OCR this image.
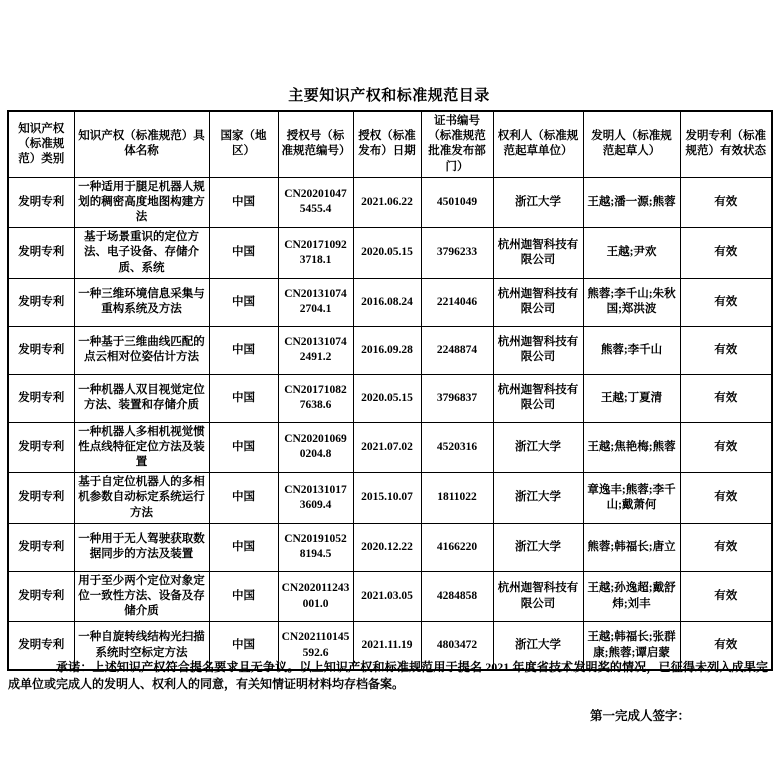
主要知识产权和标准规范目录
知识产权（标准规范）类别	知识产权（标准规范）具体名称	国家（地区）	授权号（标准规范编号）	授权（标准发布）日期	证书编号（标准规范批准发布部门）	权利人（标准规范起草单位）	发明人（标准规范起草人）	发明专利（标准规范）有效状态
发明专利	一种适用于腿足机器人规划的稠密高度地图构建方法	中国	CN202010475455.4	2021.06.22	4501049	浙江大学	王越;潘一源;熊蓉	有效
发明专利	基于场景重识的定位方法、电子设备、存储介质、系统	中国	CN201710923718.1	2020.05.15	3796233	杭州迦智科技有限公司	王越;尹欢	有效
发明专利	一种三维环境信息采集与重构系统及方法	中国	CN201310742704.1	2016.08.24	2214046	杭州迦智科技有限公司	熊蓉;李千山;朱秋国;郑洪波	有效
发明专利	一种基于三维曲线匹配的点云相对位姿估计方法	中国	CN201310742491.2	2016.09.28	2248874	杭州迦智科技有限公司	熊蓉;李千山	有效
发明专利	一种机器人双目视觉定位方法、装置和存储介质	中国	CN201710827638.6	2020.05.15	3796837	杭州迦智科技有限公司	王越;丁夏清	有效
发明专利	一种机器人多相机视觉惯性点线特征定位方法及装置	中国	CN202010690204.8	2021.07.02	4520316	浙江大学	王越;焦艳梅;熊蓉	有效
发明专利	基于自定位机器人的多相机参数自动标定系统运行方法	中国	CN201310173609.4	2015.10.07	1811022	浙江大学	章逸丰;熊蓉;李千山;戴萧何	有效
发明专利	一种用于无人驾驶获取数据同步的方法及装置	中国	CN201910528194.5	2020.12.22	4166220	浙江大学	熊蓉;韩福长;唐立	有效
发明专利	用于至少两个定位对象定位一致性方法、设备及存储介质	中国	CN202011243001.0	2021.03.05	4284858	杭州迦智科技有限公司	王越;孙逸超;戴舒炜;刘丰	有效
发明专利	一种自旋转线结构光扫描系统时空标定方法	中国	CN202110145592.6	2021.11.19	4803472	浙江大学	王越;韩福长;张群康;熊蓉;谭启蒙	有效
承诺：上述知识产权符合提名要求且无争议。以上知识产权和标准规范用于提名 2021 年度省技术发明奖的情况，已征得未列入成果完成单位或完成人的发明人、权利人的同意，有关知情证明材料均存档备案。
第一完成人签字：
